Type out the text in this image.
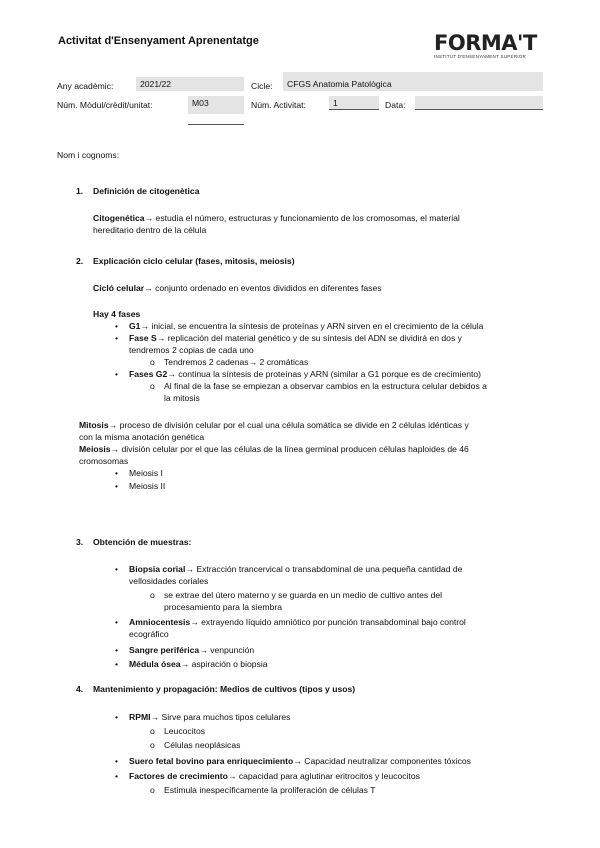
Activitat d'Ensenyament Aprenentatge	FORMA'T
INSTITUT D'ENSENYAMENT SUPERIOR
Any acadèmic:	2021/22	Cicle:	CFGS Anatomia Patològica
Núm. Mòdul/crèdit/unitat:	M03	Núm. Activitat:	1	Data:
Nom i cognoms:
1. Definición de citogenètica
Citogenética→ estudia el número, estructuras y funcionamiento de los cromosomas, el material
hereditario dentro de la célula
2. Explicación ciclo celular (fases, mitosis, meiosis)
Cicló celular→ conjunto ordenado en eventos divididos en diferentes fases
Hay 4 fases
• G1→ inicial, se encuentra la síntesis de proteínas y ARN sirven en el crecimiento de la célula
• Fase S→ replicación del material genético y de su síntesis del ADN se dividirá en dos y
tendremos 2 copias de cada uno
o Tendremos 2 cadenas→ 2 cromáticas
• Fases G2→ continua la síntesis de proteínas y ARN (similar a G1 porque es de crecimiento)
o Al final de la fase se empiezan a observar cambios en la estructura celular debidos a
la mitosis
Mitosis→ proceso de división celular por el cual una célula somática se divide en 2 células idénticas y
con la misma anotación genética
Meiosis→ división celular por el que las células de la línea germinal producen células haploides de 46
cromosomas
• Meiosis I
• Meiosis II
3. Obtención de muestras:
• Biopsia corial→ Extracción trancervical o transabdominal de una pequeña cantidad de
vellosidades coriales
o se extrae del útero materno y se guarda en un medio de cultivo antes del
procesamiento para la siembra
• Amniocentesis→ extrayendo líquido amniótico por punción transabdominal bajo control
ecográfico
• Sangre periférica→ venpunción
• Médula ósea→ aspiración o biopsia
4. Mantenimiento y propagación: Medios de cultivos (tipos y usos)
• RPMI→ Sirve para muchos tipos celulares
o Leucocitos
o Células neoplásicas
• Suero fetal bovino para enriquecimiento→ Capacidad neutralizar componentes tóxicos
• Factores de crecimiento→ capacidad para aglutinar eritrocitos y leucocitos
o Estimula inespecíficamente la proliferación de células T
